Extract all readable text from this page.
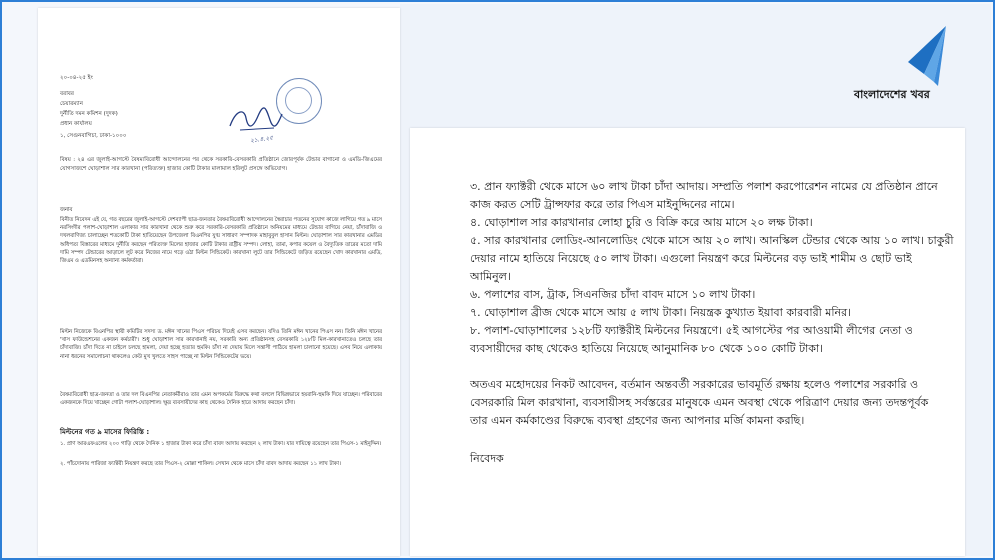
২০-০৪-২৫ ইং
বরাবর
চেয়ারম্যান
দুর্নীতি দমন কমিশন (দুদক)
প্রধান কার্যালয়
১, সেগুনবাগিচা, ঢাকা-১০০০	২১.৪.২৫
বিষয় : ২৪ এর জুলাই-আগস্টে বৈষম্যবিরোধী আন্দোলনের পর থেকে সরকারি-বেসরকারি প্রতিষ্ঠানে জোরপূর্বক টেন্ডার বাগানো ও এমডি-জিএমের যোগসাজশে ঘোড়াশাল সার কারখানা (পরিত্যক্ত) হাজার কোটি টাকার মালামাল হরিলুট প্রসঙ্গে অভিযোগ।
জনাব
বিনীত নিবেদন এই যে, গত বছরের জুলাই-আগস্টে দেশব্যাপী ছাত্র-জনতার বৈষম্যবিরোধী আন্দোলনের স্বৈরাচার পতনের সুযোগ কাজে লাগিয়ে গত ৯ মাসে নরসিংদীর পলাশ-ঘোড়াশাল এলাকার সার কারখানা থেকে শুরু করে সরকারি-বেসরকারি প্রতিষ্ঠানে অনিয়মের মাধ্যমে টেন্ডার বাগিয়ে নেয়া, চাঁদাবাজি ও দখলবাণিজ্য চালাচ্ছেন শতকোটি টাকা হাতিয়েছেন উপজেলা বিএনপির যুগ্ম সাধারণ সম্পাদক মাহাবুবুল হাসান মিল্টন। ঘোড়াশাল সার কারখানার এমডির অধিপত্য বিস্তারের মাধ্যমে দুর্নীতি করছেন পরিত্যক্ত মিলের হাজার কোটি টাকার রাষ্ট্রীয় সম্পদ। লোহা, তামা, কপার কয়েল ও বৈদ্যুতিক তারের মতো দামি দামি সম্পদ টেন্ডারের আড়ালে লুট করে নিজের নামে গড়ে ওঠা মিল্টন সিন্ডিকেট। কারখানা লুটে তার সিন্ডিকেটে জড়িত রয়েছেন খোদ কারখানার এমডি, জিএম ও এডমিনসহ অন্যান্য কর্মকর্তারা।
মিল্টন নিজেকে বিএনপির স্থায়ী কমিটির সদস্য ড. মঈন খানের পিএস পরিচয় দিয়েই এসব করছেন। যদিও তিনি মঈন খানের পিএস নন। তিনি মঈন খানের 'খাস ফাউন্ডেশনের একজন কর্মচারী'। শুধু ঘোড়াশাল সার কারখানাই নয়, সরকারি অন্য প্রতিষ্ঠানসহ বেসরকারি ১২৮টি মিল-কারখানাতেও চলছে তার চাঁদাবাজি। চাঁদা দিতে না চাইলে চলছে হামলা, দেয়া হচ্ছে হত্যার হুমকি। চাঁদা না দেয়ায় মিলে সন্ত্রাসী পাঠিয়ে হামলা চালানো হয়েছে। এসব নিয়ে এলাকায় নানা ধরনের সমালোচনা থাকলেও কেউ মুখ খুলতে সাহস পাচ্ছে না মিল্টন সিন্ডিকেটের ভয়ে।
বৈষম্যবিরোধী ছাত্র-জনতা ও তার দল বিএনপির নেতাকর্মীরাও তার এমন অপকর্মের বিরুদ্ধে কথা বললে বিভিন্নভাবে হয়রানি-হুমকি দিয়ে যাচ্ছেন। পরিবারের একজনকে দিয়ে খাচ্ছেন গোটা পলাশ-ঘোড়াশাল। ক্ষুদ্র ব্যবসায়ীদের কাছ থেকেও দৈনিক হারে আদায় করছেন চাঁদা।
মিল্টনের গত ৯ মাসের ফিরিস্তি :
১. প্রাণ আরএফএলের ২০০ গাড়ি থেকে দৈনিক ১ হাজার টাকা করে চাঁদা বাবদ আদায় করছেন ২ লাখ টাকা। যার দায়িত্বে রয়েছেন তার পিএস-১ মাইনুদ্দিন।
২. পাঁচদোনায় পারিজা ফ্যাক্টরী নিয়ন্ত্রণ করছে তার পিএস-২ মোল্লা শাকিল। সেখান থেকে মাসে চাঁদা বাবদ আদায় করছেন ১১ লাখ টাকা।
৩. প্রান ফ্যাক্টরী থেকে মাসে ৬০ লাখ টাকা চাঁদা আদায়। সম্প্রতি পলাশ করপোরেশন নামের যে প্রতিষ্ঠান প্রানে
কাজ করত সেটি ট্রান্সফার করে তার পিএস মাইনুদ্দিনের নামে।
৪. ঘোড়াশাল সার কারখানার লোহা চুরি ও বিক্রি করে আয় মাসে ২০ লক্ষ টাকা।
৫. সার কারখানার লোডিং-আনলোডিং থেকে মাসে আয় ২০ লাখ। আনস্কিল টেন্ডার থেকে আয় ১০ লাখ। চাকুরী
দেয়ার নামে হাতিয়ে নিয়েছে ৫০ লাখ টাকা। এগুলো নিয়ন্ত্রণ করে মিল্টনের বড় ভাই শামীম ও ছোট ভাই
আমিনুল।
৬. পলাশের বাস, ট্রাক, সিএনজির চাঁদা বাবদ মাসে ১০ লাখ টাকা।
৭. ঘোড়াশাল ব্রীজ থেকে মাসে আয় ৫ লাখ টাকা। নিয়ন্ত্রক কুখ্যাত ইয়াবা কারবারী মনির।
৮. পলাশ-ঘোড়াশালের ১২৮টি ফ্যাক্টরীই মিল্টনের নিয়ন্ত্রণে। ৫ই আগস্টের পর আওয়ামী লীগের নেতা ও
ব্যবসায়ীদের কাছ থেকেও হাতিয়ে নিয়েছে আনুমানিক ৮০ থেকে ১০০ কোটি টাকা।
অতএব মহোদয়ের নিকট আবেদন, বর্তমান অন্তবর্তী সরকারের ভাবমূর্তি রক্ষায় হলেও পলাশের সরকারি ও
বেসরকারি মিল কারখানা, ব্যবসায়ীসহ সর্বস্তরের মানুষকে এমন অবস্থা থেকে পরিত্রাণ দেয়ার জন্য তদন্তপূর্বক
তার এমন কর্মকাণ্ডের বিরুদ্ধে ব্যবস্থা গ্রহণের জন্য আপনার মর্জি কামনা করছি।
নিবেদক
বাংলাদেশের খবর
